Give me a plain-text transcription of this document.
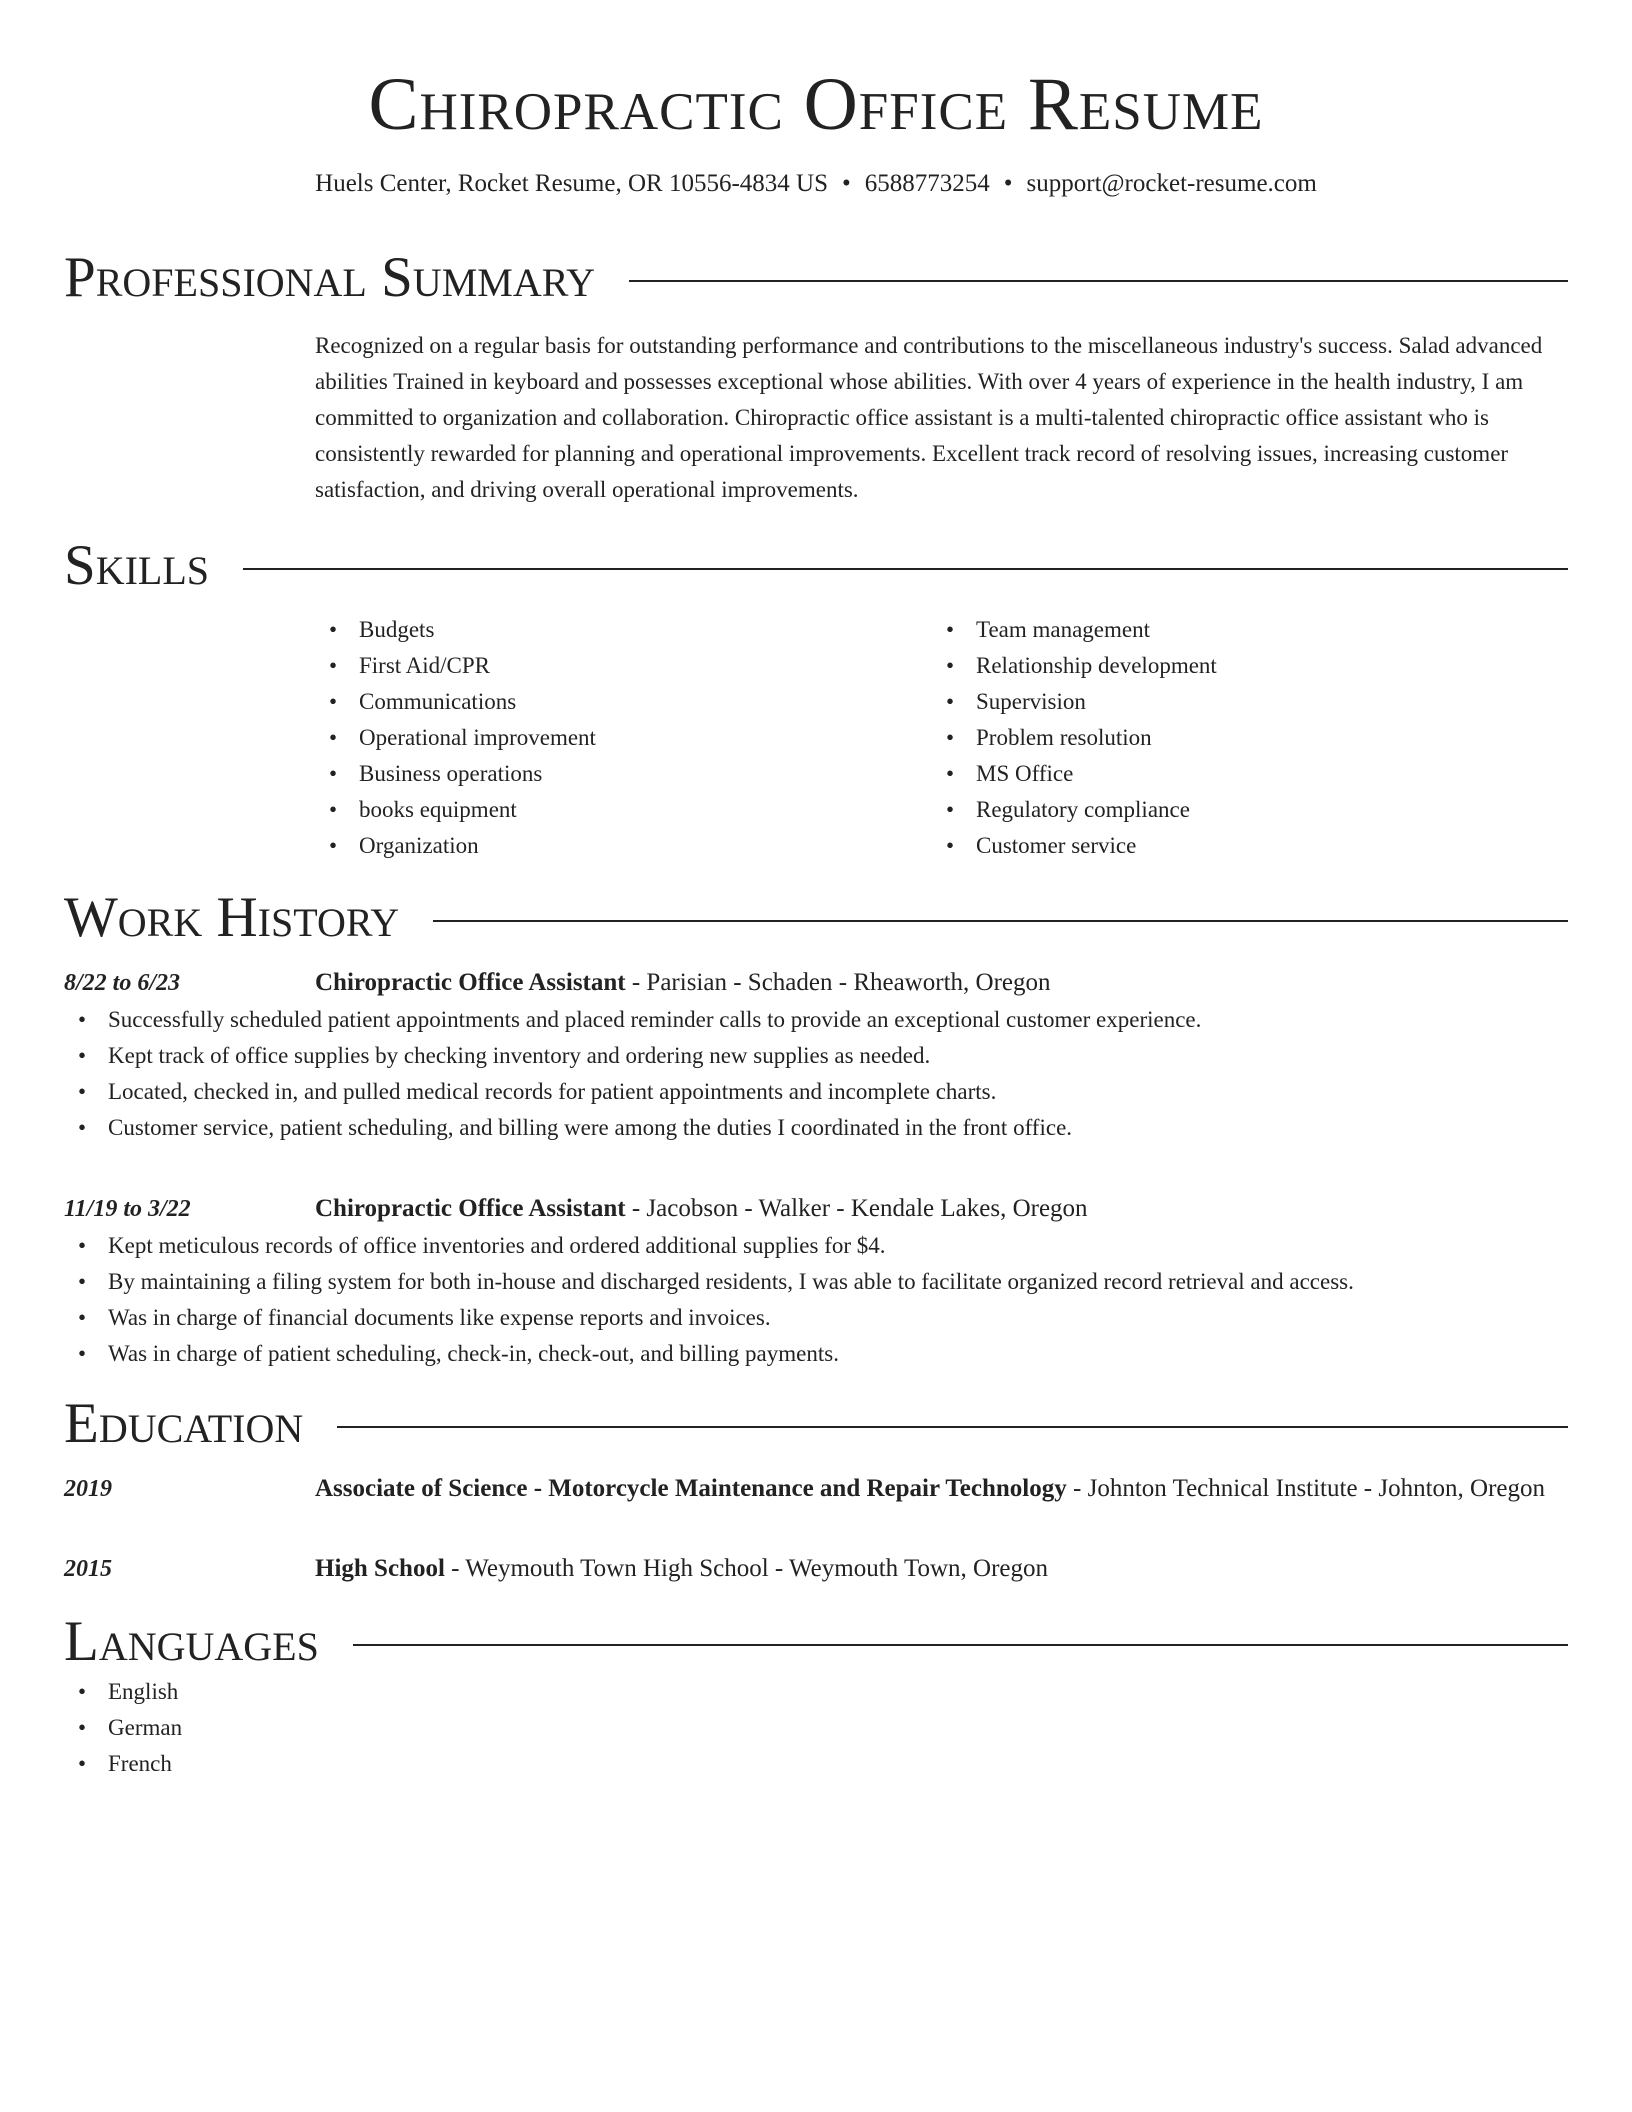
Chiropractic Office Resume
Huels Center, Rocket Resume, OR 10556-4834 US • 6588773254 • support@rocket-resume.com
Professional Summary
Recognized on a regular basis for outstanding performance and contributions to the miscellaneous industry's success. Salad advanced abilities Trained in keyboard and possesses exceptional whose abilities. With over 4 years of experience in the health industry, I am committed to organization and collaboration. Chiropractic office assistant is a multi-talented chiropractic office assistant who is consistently rewarded for planning and operational improvements. Excellent track record of resolving issues, increasing customer satisfaction, and driving overall operational improvements.
Skills
• Budgets
• First Aid/CPR
• Communications
• Operational improvement
• Business operations
• books equipment
• Organization
• Team management
• Relationship development
• Supervision
• Problem resolution
• MS Office
• Regulatory compliance
• Customer service
Work History
8/22 to 6/23	Chiropractic Office Assistant - Parisian - Schaden - Rheaworth, Oregon
• Successfully scheduled patient appointments and placed reminder calls to provide an exceptional customer experience.
• Kept track of office supplies by checking inventory and ordering new supplies as needed.
• Located, checked in, and pulled medical records for patient appointments and incomplete charts.
• Customer service, patient scheduling, and billing were among the duties I coordinated in the front office.
11/19 to 3/22	Chiropractic Office Assistant - Jacobson - Walker - Kendale Lakes, Oregon
• Kept meticulous records of office inventories and ordered additional supplies for $4.
• By maintaining a filing system for both in-house and discharged residents, I was able to facilitate organized record retrieval and access.
• Was in charge of financial documents like expense reports and invoices.
• Was in charge of patient scheduling, check-in, check-out, and billing payments.
Education
2019	Associate of Science - Motorcycle Maintenance and Repair Technology - Johnton Technical Institute - Johnton, Oregon
2015	High School - Weymouth Town High School - Weymouth Town, Oregon
Languages
• English
• German
• French
